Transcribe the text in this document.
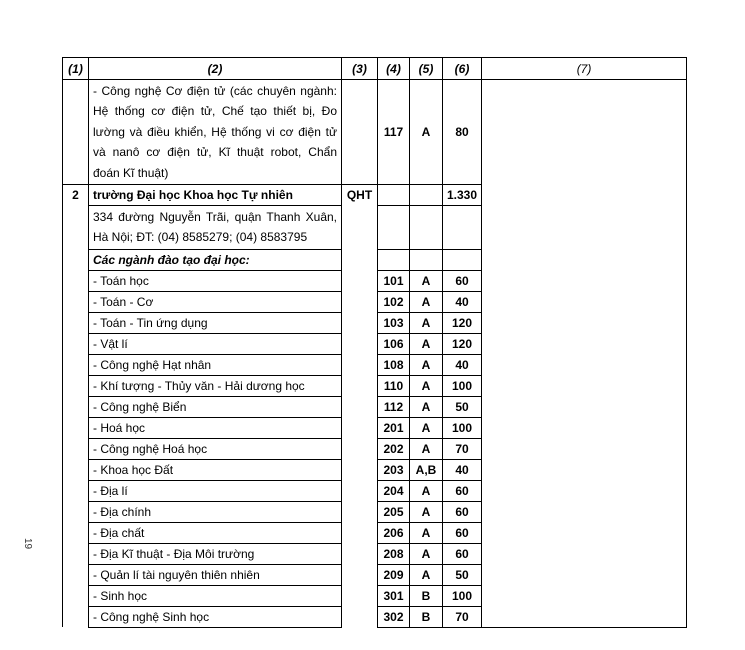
(1)	(2)	(3)	(4)	(5)	(6)	(7)
	- Công nghệ Cơ điện tử (các chuyên ngành: Hệ thống cơ điện tử, Chế tạo thiết bị, Đo lường và điều khiển, Hệ thống vi cơ điện tử và nanô cơ điện tử, Kĩ thuật robot, Chẩn đoán Kĩ thuật)		117	A	80	
2	trường Đại học Khoa học Tự nhiên	QHT			1.330	
	334 đường Nguyễn Trãi, quận Thanh Xuân, Hà Nội; ĐT: (04) 8585279; (04) 8583795					
	Các ngành đào tạo đại học:					
	- Toán học		101	A	60	
	- Toán - Cơ		102	A	40	
	- Toán - Tin ứng dụng		103	A	120	
	- Vật lí		106	A	120	
	- Công nghệ Hạt nhân		108	A	40	
	- Khí tượng - Thủy văn - Hải dương học		110	A	100	
	- Công nghệ Biển		112	A	50	
	- Hoá học		201	A	100	
	- Công nghệ Hoá học		202	A	70	
	- Khoa học Đất		203	A,B	40	
	- Địa lí		204	A	60	
	- Địa chính		205	A	60	
	- Địa chất		206	A	60	
	- Địa Kĩ thuật - Địa Môi trường		208	A	60	
	- Quản lí tài nguyên thiên nhiên		209	A	50	
	- Sinh học		301	B	100	
	- Công nghệ Sinh học		302	B	70	
19
